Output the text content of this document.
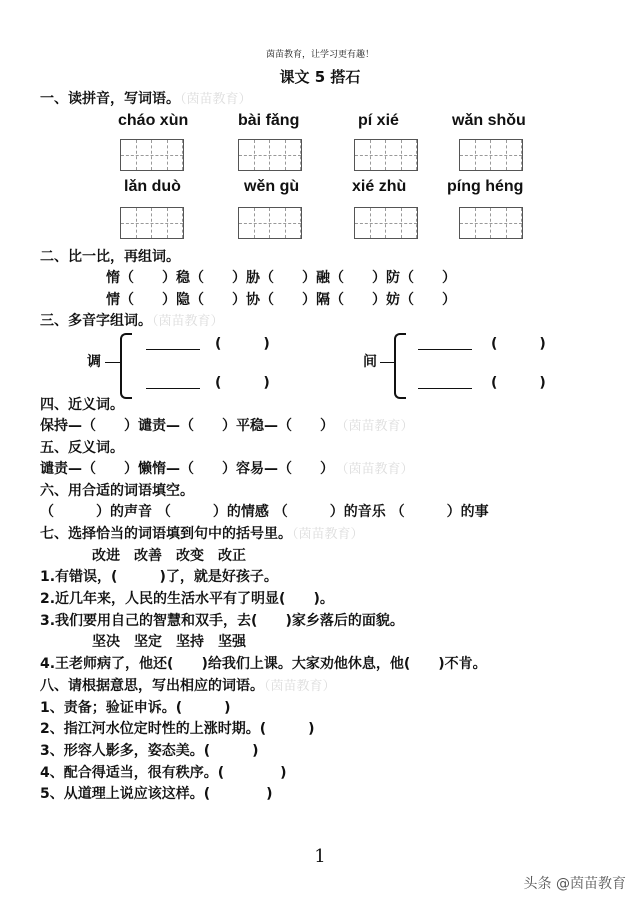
茵苗教育，让学习更有趣！
课文 5 搭石
一、读拼音，写词语。（茵苗教育）
cháo xùn	bài fǎng	pí xié	wǎn shǒu
lǎn duò	wěn gù	xié zhù	píng héng
二、比一比，再组词。
惰（　　）稳（　　）胁（　　）融（　　）防（　　）
情（　　）隐（　　）协（　　）隔（　　）妨（　　）
三、多音字组词。（茵苗教育）
调
(　　　)
(　　　)
间
(　　　)
(　　　)
四、近义词。
保持—（　　）谴责—（　　）平稳—（　　） （茵苗教育）
五、反义词。
谴责—（　　）懒惰—（　　）容易—（　　） （茵苗教育）
六、用合适的词语填空。
（　　　）的声音 （　　　）的情感 （　　　）的音乐 （　　　）的事
七、选择恰当的词语填到句中的括号里。（茵苗教育）
改进　改善　改变　改正
1.有错误，(　　　)了，就是好孩子。
2.近几年来，人民的生活水平有了明显(　　)。
3.我们要用自己的智慧和双手，去(　　)家乡落后的面貌。
坚决　坚定　坚持　坚强
4.王老师病了，他还(　　)给我们上课。大家劝他休息，他(　　)不肯。
八、请根据意思，写出相应的词语。（茵苗教育）
1、责备；验证申诉。(　　　)
2、指江河水位定时性的上涨时期。(　　　)
3、形容人影多，姿态美。(　　　)
4、配合得适当，很有秩序。(　　　　)
5、从道理上说应该这样。(　　　　)
1
头条 @茵苗教育
